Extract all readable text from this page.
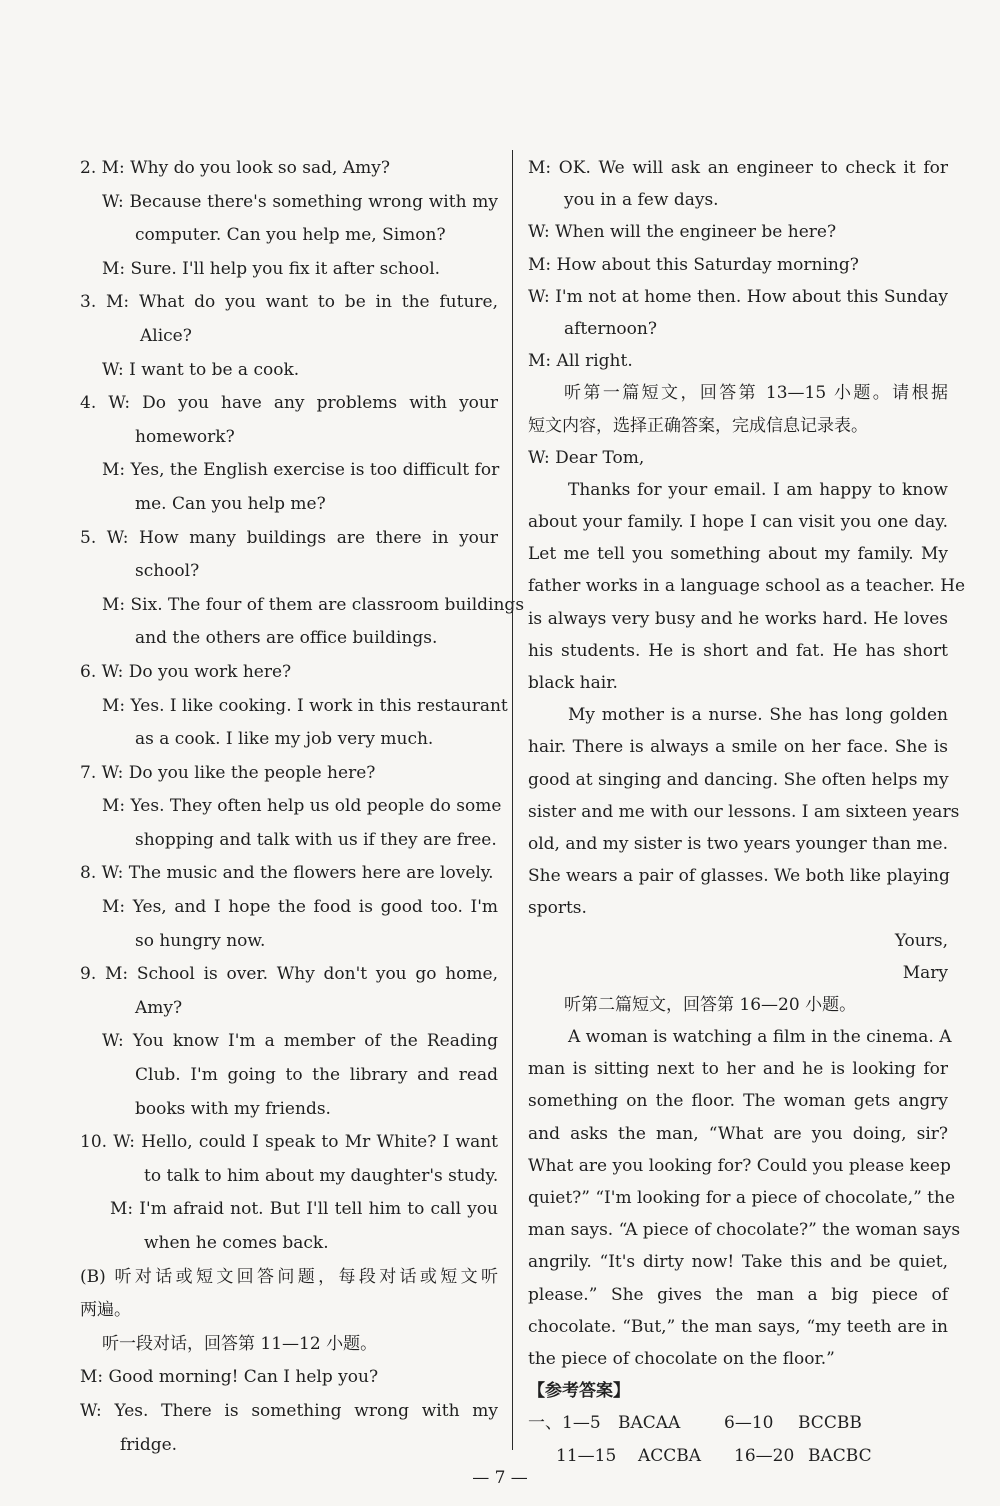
2. M: Why do you look so sad, Amy?
W: Because there's something wrong with my
computer. Can you help me, Simon?
M: Sure. I'll help you fix it after school.
3. M: What do you want to be in the future,
Alice?
W: I want to be a cook.
4. W: Do you have any problems with your
homework?
M: Yes, the English exercise is too difficult for
me. Can you help me?
5. W: How many buildings are there in your
school?
M: Six. The four of them are classroom buildings
and the others are office buildings.
6. W: Do you work here?
M: Yes. I like cooking. I work in this restaurant
as a cook. I like my job very much.
7. W: Do you like the people here?
M: Yes. They often help us old people do some
shopping and talk with us if they are free.
8. W: The music and the flowers here are lovely.
M: Yes, and I hope the food is good too. I'm
so hungry now.
9. M: School is over. Why don't you go home,
Amy?
W: You know I'm a member of the Reading
Club. I'm going to the library and read
books with my friends.
10. W: Hello, could I speak to Mr White? I want
to talk to him about my daughter's study.
M: I'm afraid not. But I'll tell him to call you
when he comes back.
(B) 听对话或短文回答问题，每段对话或短文听
两遍。
听一段对话，回答第 11—12 小题。
M: Good morning! Can I help you?
W: Yes. There is something wrong with my
fridge.
M: OK. We will ask an engineer to check it for
you in a few days.
W: When will the engineer be here?
M: How about this Saturday morning?
W: I'm not at home then. How about this Sunday
afternoon?
M: All right.
听第一篇短文，回答第 13—15 小题。请根据
短文内容，选择正确答案，完成信息记录表。
W: Dear Tom,
Thanks for your email. I am happy to know
about your family. I hope I can visit you one day.
Let me tell you something about my family. My
father works in a language school as a teacher. He
is always very busy and he works hard. He loves
his students. He is short and fat. He has short
black hair.
My mother is a nurse. She has long golden
hair. There is always a smile on her face. She is
good at singing and dancing. She often helps my
sister and me with our lessons. I am sixteen years
old, and my sister is two years younger than me.
She wears a pair of glasses. We both like playing
sports.
Yours,
Mary
听第二篇短文，回答第 16—20 小题。
A woman is watching a film in the cinema. A
man is sitting next to her and he is looking for
something on the floor. The woman gets angry
and asks the man, “What are you doing, sir?
What are you looking for? Could you please keep
quiet?” “I'm looking for a piece of chocolate,” the
man says. “A piece of chocolate?” the woman says
angrily. “It's dirty now! Take this and be quiet,
please.” She gives the man a big piece of
chocolate. “But,” the man says, “my teeth are in
the piece of chocolate on the floor.”
【参考答案】
一、1—5 BACAA	6—10 BCCBB
11—15 ACCBA 16—20 BACBC
— 7 —
